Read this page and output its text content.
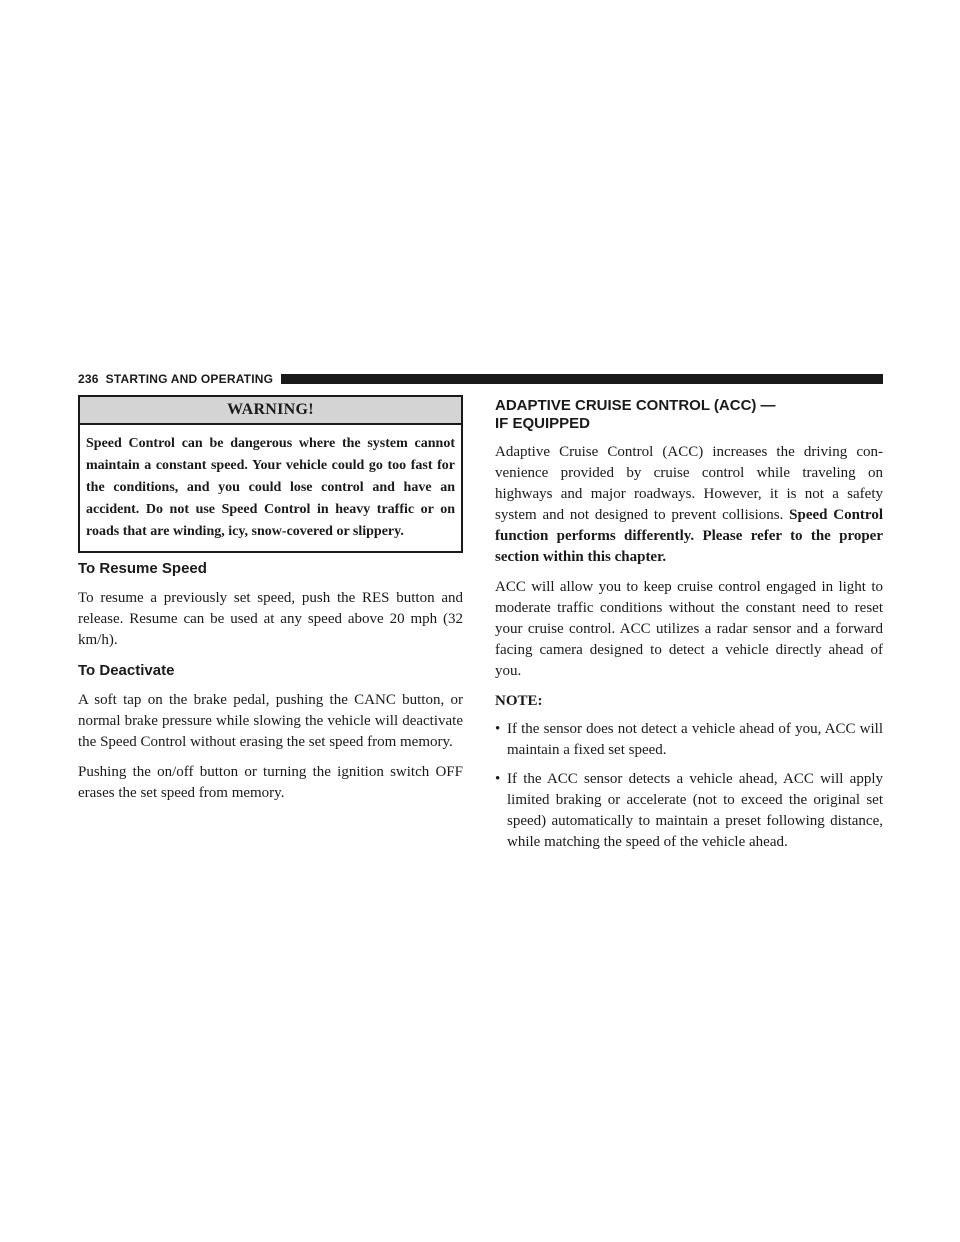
236 STARTING AND OPERATING
WARNING!
Speed Control can be dangerous where the system cannot maintain a constant speed. Your vehicle could go too fast for the conditions, and you could lose control and have an accident. Do not use Speed Control in heavy traffic or on roads that are winding, icy, snow-covered or slippery.
To Resume Speed

To resume a previously set speed, push the RES button and release. Resume can be used at any speed above 20 mph (32 km/h).

To Deactivate

A soft tap on the brake pedal, pushing the CANC button, or normal brake pressure while slowing the vehicle will deactivate the Speed Control without erasing the set speed from memory.

Pushing the on/off button or turning the ignition switch OFF erases the set speed from memory.

ADAPTIVE CRUISE CONTROL (ACC) —
IF EQUIPPED

Adaptive Cruise Control (ACC) increases the driving con-venience provided by cruise control while traveling on highways and major roadways. However, it is not a safety system and not designed to prevent collisions. Speed Control function performs differently. Please refer to the proper section within this chapter.

ACC will allow you to keep cruise control engaged in light to moderate traffic conditions without the constant need to reset your cruise control. ACC utilizes a radar sensor and a forward facing camera designed to detect a vehicle directly ahead of you.

NOTE:

• If the sensor does not detect a vehicle ahead of you, ACC will maintain a fixed set speed.
• If the ACC sensor detects a vehicle ahead, ACC will apply limited braking or accelerate (not to exceed the original set speed) automatically to maintain a preset following distance, while matching the speed of the vehicle ahead.
